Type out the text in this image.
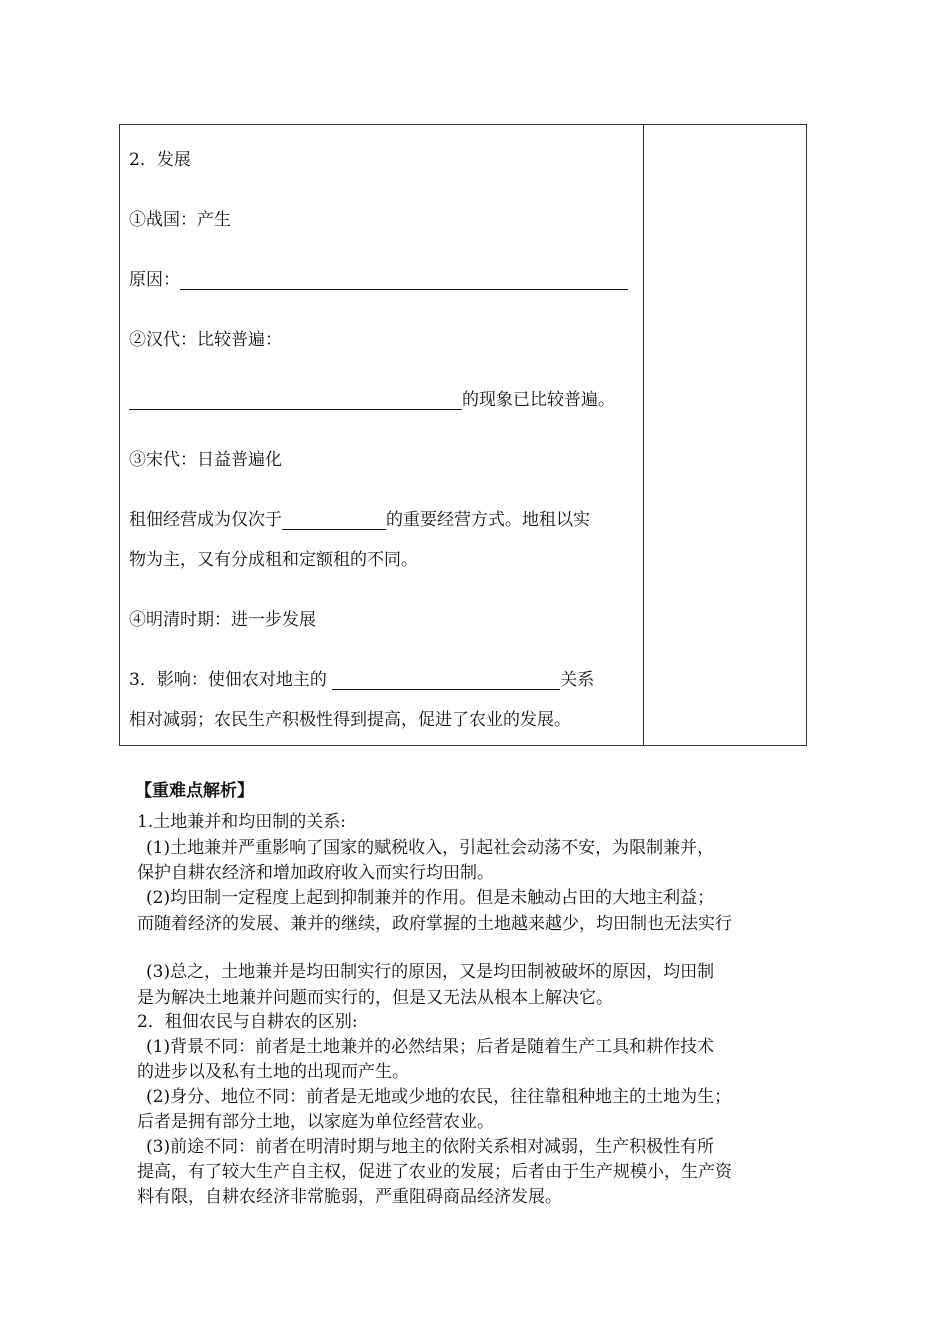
2．发展
①战国：产生
原因：
②汉代：比较普遍：
的现象已比较普遍。
③宋代：日益普遍化
租佃经营成为仅次于	的重要经营方式。地租以实
物为主，又有分成租和定额租的不同。
④明清时期：进一步发展
3．影响：使佃农对地主的	关系
相对减弱；农民生产积极性得到提高，促进了农业的发展。
【重难点解析】
1.土地兼并和均田制的关系:
(1)土地兼并严重影响了国家的赋税收入，引起社会动荡不安，为限制兼并，
保护自耕农经济和增加政府收入而实行均田制。
(2)均田制一定程度上起到抑制兼并的作用。但是未触动占田的大地主利益；
而随着经济的发展、兼并的继续，政府掌握的土地越来越少，均田制也无法实行
(3)总之，土地兼并是均田制实行的原因，又是均田制被破坏的原因，均田制
是为解决土地兼并问题而实行的，但是又无法从根本上解决它。
2．租佃农民与自耕农的区别:
(1)背景不同：前者是土地兼并的必然结果；后者是随着生产工具和耕作技术
的进步以及私有土地的出现而产生。
(2)身分、地位不同：前者是无地或少地的农民，往往靠租种地主的土地为生；
后者是拥有部分土地，以家庭为单位经营农业。
(3)前途不同：前者在明清时期与地主的依附关系相对减弱，生产积极性有所
提高，有了较大生产自主权，促进了农业的发展；后者由于生产规模小，生产资
料有限，自耕农经济非常脆弱，严重阻碍商品经济发展。
